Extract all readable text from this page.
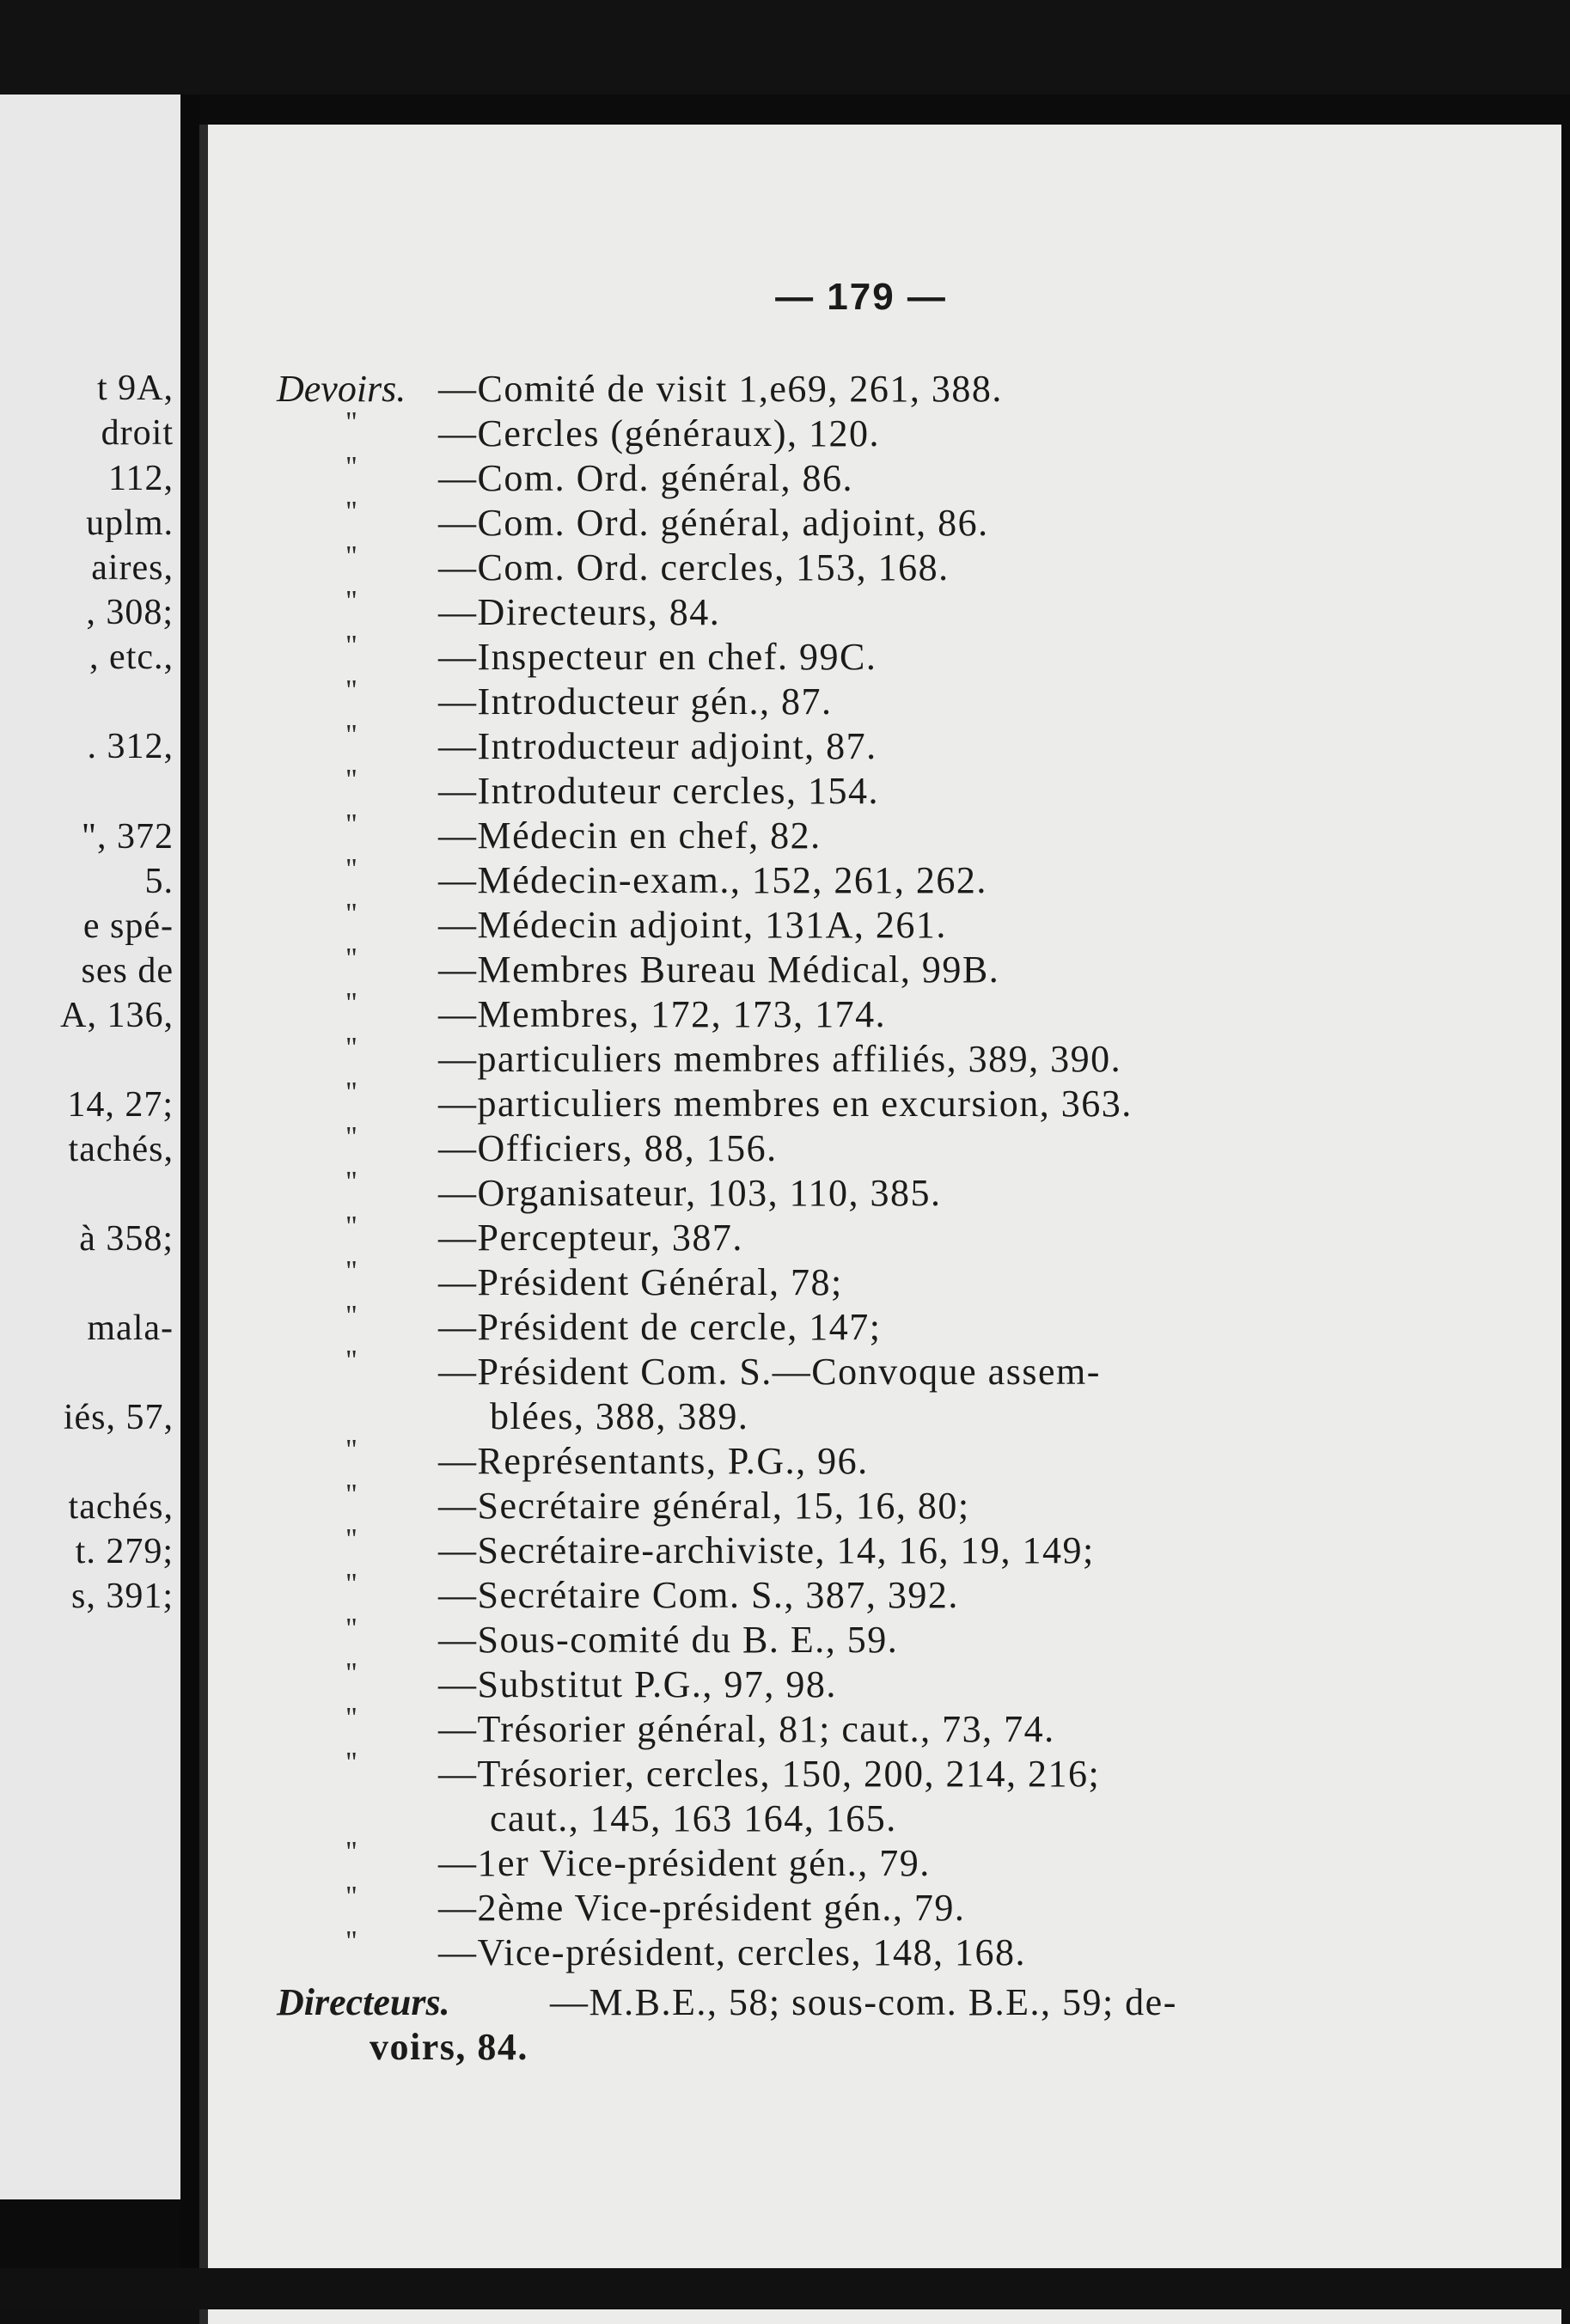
t 9A,
droit
112,
uplm.
aires,
, 308;
, etc.,
. 312,
", 372
5.
e spé-
ses de
A, 136,
14, 27;
tachés,
à 358;
mala-
iés, 57,
tachés,
t. 279;
s, 391;
— 179 —
Devoirs. —Comité de visit 1,e69, 261, 388.
" —Cercles (généraux), 120.
" —Com. Ord. général, 86.
" —Com. Ord. général, adjoint, 86.
" —Com. Ord. cercles, 153, 168.
" —Directeurs, 84.
" —Inspecteur en chef. 99C.
" —Introducteur gén., 87.
" —Introducteur adjoint, 87.
" —Introduteur cercles, 154.
" —Médecin en chef, 82.
" —Médecin-exam., 152, 261, 262.
" —Médecin adjoint, 131A, 261.
" —Membres Bureau Médical, 99B.
" —Membres, 172, 173, 174.
" —particuliers membres affiliés, 389, 390.
" —particuliers membres en excursion, 363.
" —Officiers, 88, 156.
" —Organisateur, 103, 110, 385.
" —Percepteur, 387.
" —Président Général, 78;
" —Président de cercle, 147;
" —Président Com. S.—Convoque assem-
blées, 388, 389.
" —Représentants, P.G., 96.
" —Secrétaire général, 15, 16, 80;
" —Secrétaire-archiviste, 14, 16, 19, 149;
" —Secrétaire Com. S., 387, 392.
" —Sous-comité du B. E., 59.
" —Substitut P.G., 97, 98.
" —Trésorier général, 81; caut., 73, 74.
" —Trésorier, cercles, 150, 200, 214, 216;
caut., 145, 163 164, 165.
" —1er Vice-président gén., 79.
" —2ème Vice-président gén., 79.
" —Vice-président, cercles, 148, 168.
Directeurs.	—M.B.E., 58; sous-com. B.E., 59; de-
voirs, 84.
